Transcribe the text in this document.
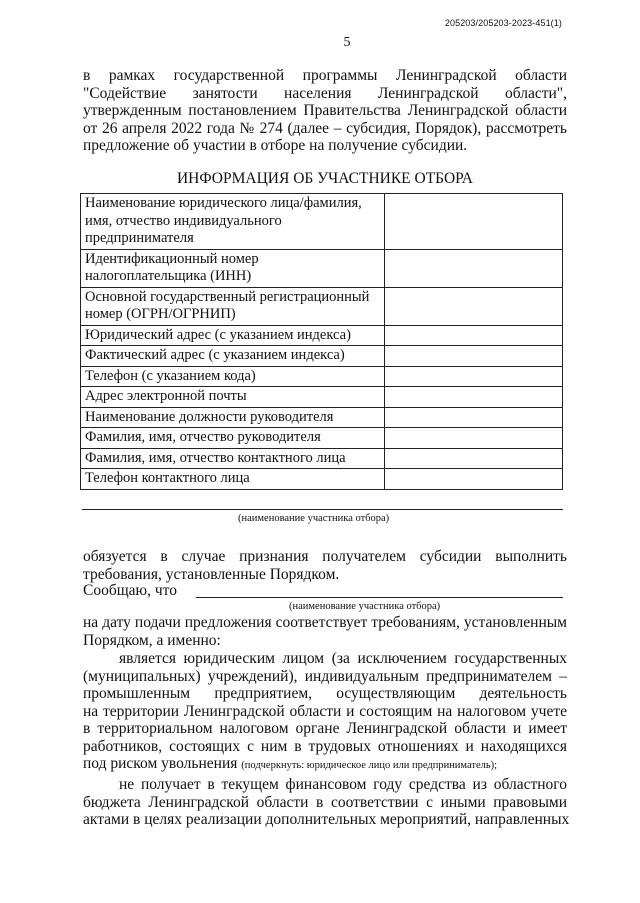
205203/205203-2023-451(1)
5
в рамках государственной программы Ленинградской области
"Содействие занятости населения Ленинградской области",
утвержденным постановлением Правительства Ленинградской области
от 26 апреля 2022 года № 274 (далее – субсидия, Порядок), рассмотреть
предложение об участии в отборе на получение субсидии.
ИНФОРМАЦИЯ ОБ УЧАСТНИКЕ ОТБОРА
Наименование юридического лица/фамилия, имя, отчество индивидуального предпринимателя	
Идентификационный номер налогоплательщика (ИНН)	
Основной государственный регистрационный номер (ОГРН/ОГРНИП)	
Юридический адрес (с указанием индекса)	
Фактический адрес (с указанием индекса)	
Телефон (с указанием кода)	
Адрес электронной почты	
Наименование должности руководителя	
Фамилия, имя, отчество руководителя	
Фамилия, имя, отчество контактного лица	
Телефон контактного лица	
(наименование участника отбора)
обязуется в случае признания получателем субсидии выполнить
требования, установленные Порядком.
Сообщаю, что
(наименование участника отбора)
на дату подачи предложения соответствует требованиям, установленным
Порядком, а именно:
является юридическим лицом (за исключением государственных
(муниципальных) учреждений), индивидуальным предпринимателем –
промышленным предприятием, осуществляющим деятельность
на территории Ленинградской области и состоящим на налоговом учете
в территориальном налоговом органе Ленинградской области и имеет
работников, состоящих с ним в трудовых отношениях и находящихся
под риском увольнения (подчеркнуть: юридическое лицо или предприниматель);
не получает в текущем финансовом году средства из областного
бюджета Ленинградской области в соответствии с иными правовыми
актами в целях реализации дополнительных мероприятий, направленных
